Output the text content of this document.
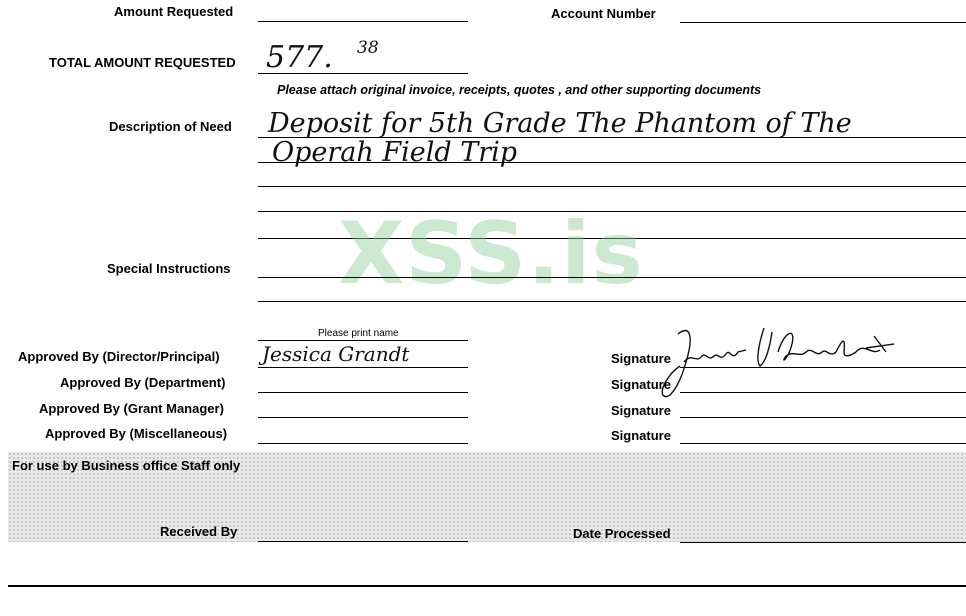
Amount Requested	Account Number
TOTAL AMOUNT REQUESTED 577. 38
Please attach original invoice, receipts, quotes , and other supporting documents
Description of Need Deposit for 5th Grade The Phantom of The
Operah Field Trip
XSS.is
Special Instructions
Please print name
Approved By (Director/Principal) Jessica Grandt	Signature
Approved By (Department)	Signature
Approved By (Grant Manager)	Signature
Approved By (Miscellaneous)	Signature
For use by Business office Staff only
Received By	Date Processed
